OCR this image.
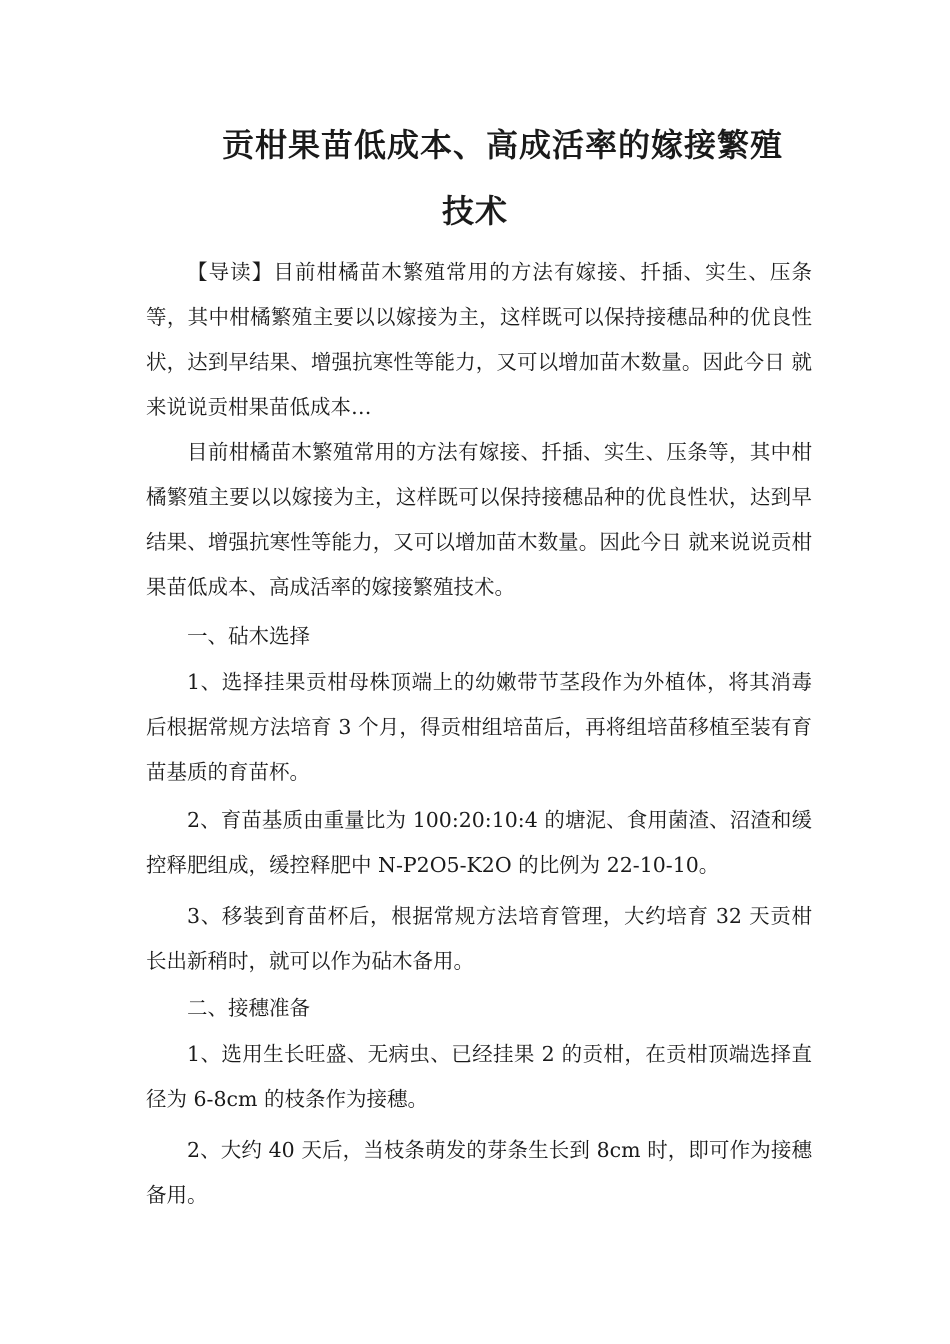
贡柑果苗低成本、高成活率的嫁接繁殖
技术

【导读】目前柑橘苗木繁殖常用的方法有嫁接、扦插、实生、压条等，其中柑橘繁殖主要以以嫁接为主，这样既可以保持接穗品种的优良性状，达到早结果、增强抗寒性等能力，又可以增加苗木数量。因此今日 就来说说贡柑果苗低成本…

目前柑橘苗木繁殖常用的方法有嫁接、扦插、实生、压条等，其中柑橘繁殖主要以以嫁接为主，这样既可以保持接穗品种的优良性状，达到早结果、增强抗寒性等能力，又可以增加苗木数量。因此今日 就来说说贡柑果苗低成本、高成活率的嫁接繁殖技术。

一、砧木选择

1、选择挂果贡柑母株顶端上的幼嫩带节茎段作为外植体，将其消毒后根据常规方法培育 3 个月，得贡柑组培苗后，再将组培苗移植至装有育苗基质的育苗杯。

2、育苗基质由重量比为 100:20:10:4 的塘泥、食用菌渣、沼渣和缓控释肥组成，缓控释肥中 N-P2O5-K2O 的比例为 22-10-10。

3、移装到育苗杯后，根据常规方法培育管理，大约培育 32 天贡柑长出新稍时，就可以作为砧木备用。

二、接穗准备

1、选用生长旺盛、无病虫、已经挂果 2 的贡柑，在贡柑顶端选择直径为 6-8cm 的枝条作为接穗。

2、大约 40 天后，当枝条萌发的芽条生长到 8cm 时，即可作为接穗备用。
